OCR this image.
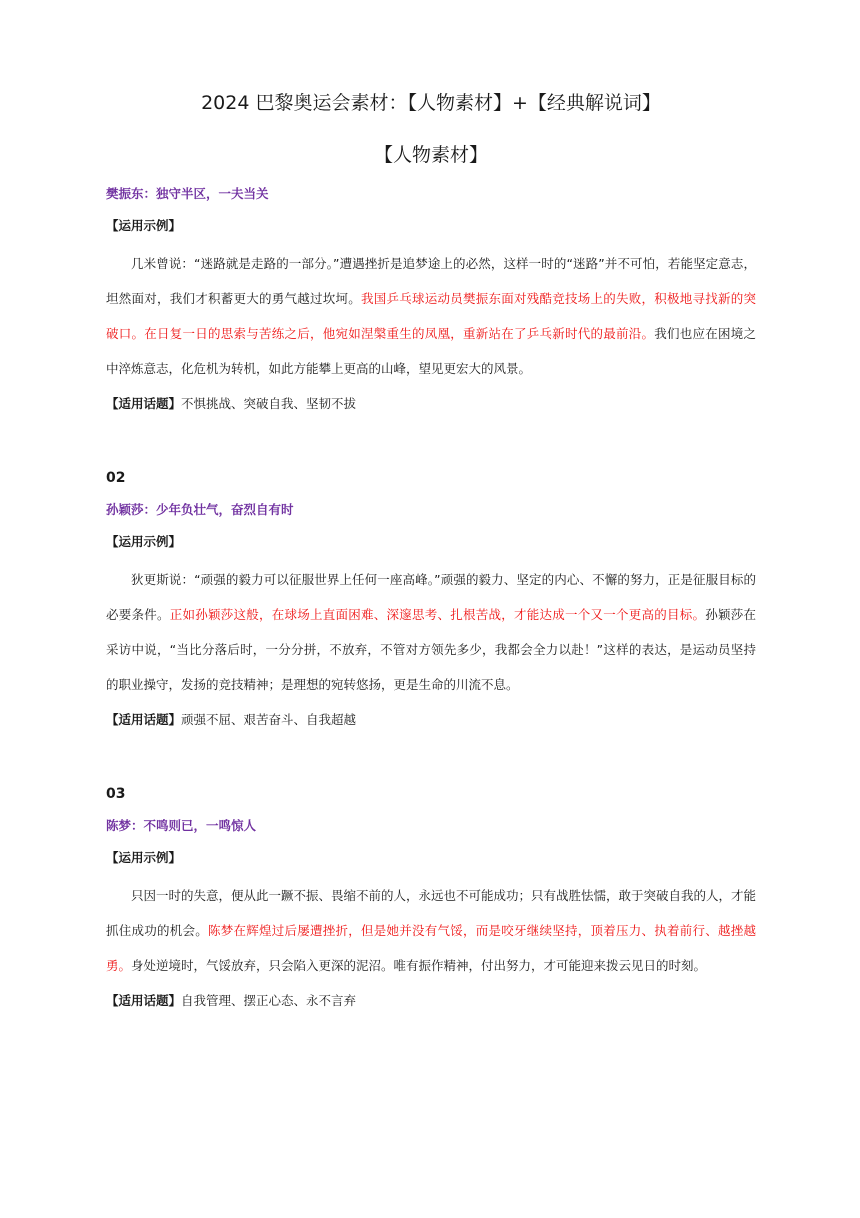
2024 巴黎奥运会素材：【人物素材】+【经典解说词】
【人物素材】
樊振东：独守半区，一夫当关
【运用示例】

几米曾说：“迷路就是走路的一部分。”遭遇挫折是追梦途上的必然，这样一时的“迷路”并不可怕，若能坚定意志，坦然面对，我们才积蓄更大的勇气越过坎坷。我国乒乓球运动员樊振东面对残酷竞技场上的失败，积极地寻找新的突破口。在日复一日的思索与苦练之后，他宛如涅槃重生的凤凰，重新站在了乒乓新时代的最前沿。我们也应在困境之中淬炼意志，化危机为转机，如此方能攀上更高的山峰，望见更宏大的风景。

【适用话题】不惧挑战、突破自我、坚韧不拔

02
孙颖莎：少年负壮气，奋烈自有时
【运用示例】

狄更斯说：“顽强的毅力可以征服世界上任何一座高峰。”顽强的毅力、坚定的内心、不懈的努力，正是征服目标的必要条件。正如孙颖莎这般，在球场上直面困难、深邃思考、扎根苦战，才能达成一个又一个更高的目标。孙颖莎在采访中说，“当比分落后时，一分分拼，不放弃，不管对方领先多少，我都会全力以赴！”这样的表达，是运动员坚持的职业操守，发扬的竞技精神；是理想的宛转悠扬，更是生命的川流不息。

【适用话题】顽强不屈、艰苦奋斗、自我超越

03
陈梦：不鸣则已，一鸣惊人
【运用示例】

只因一时的失意，便从此一蹶不振、畏缩不前的人，永远也不可能成功；只有战胜怯懦，敢于突破自我的人，才能抓住成功的机会。陈梦在辉煌过后屡遭挫折，但是她并没有气馁，而是咬牙继续坚持，顶着压力、执着前行、越挫越勇。身处逆境时，气馁放弃，只会陷入更深的泥沼。唯有振作精神，付出努力，才可能迎来拨云见日的时刻。

【适用话题】自我管理、摆正心态、永不言弃
